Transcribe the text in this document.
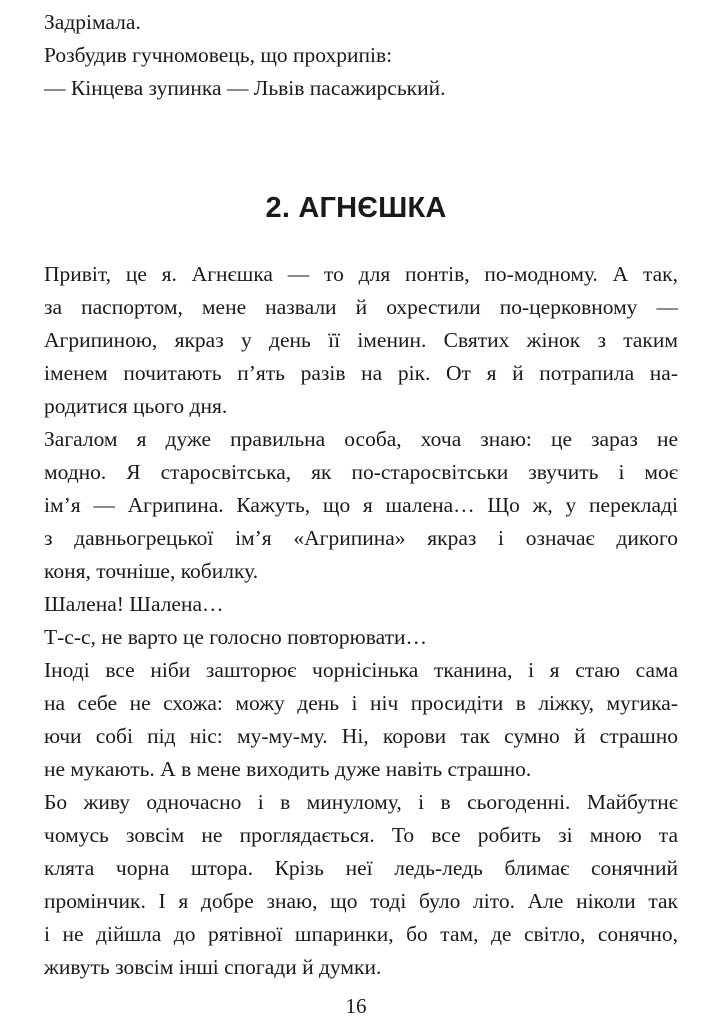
Задрімала.
Розбудив гучномовець, що прохрипів:
— Кінцева зупинка — Львів пасажирський.
2. АГНЄШКА
Привіт, це я. Агнєшка — то для понтів, по-модному. А так,
за паспортом, мене назвали й охрестили по-церковному —
Агрипиною, якраз у день її іменин. Святих жінок з таким
іменем почитають п’ять разів на рік. От я й потрапила на-
родитися цього дня.
Загалом я дуже правильна особа, хоча знаю: це зараз не
модно. Я старосвітська, як по-старосвітськи звучить і моє
ім’я — Агрипина. Кажуть, що я шалена… Що ж, у перекладі
з давньогрецької ім’я «Агрипина» якраз і означає дикого
коня, точніше, кобилку.
Шалена! Шалена…
Т-с-с, не варто це голосно повторювати…
Іноді все ніби зашторює чорнісінька тканина, і я стаю сама
на себе не схожа: можу день і ніч просидіти в ліжку, мугика-
ючи собі під ніс: му-му-му. Ні, корови так сумно й страшно
не мукають. А в мене виходить дуже навіть страшно.
Бо живу одночасно і в минулому, і в сьогоденні. Майбутнє
чомусь зовсім не проглядається. То все робить зі мною та
клята чорна штора. Крізь неї ледь-ледь блимає сонячний
промінчик. І я добре знаю, що тоді було літо. Але ніколи так
і не дійшла до рятівної шпаринки, бо там, де світло, сонячно,
живуть зовсім інші спогади й думки.
16
